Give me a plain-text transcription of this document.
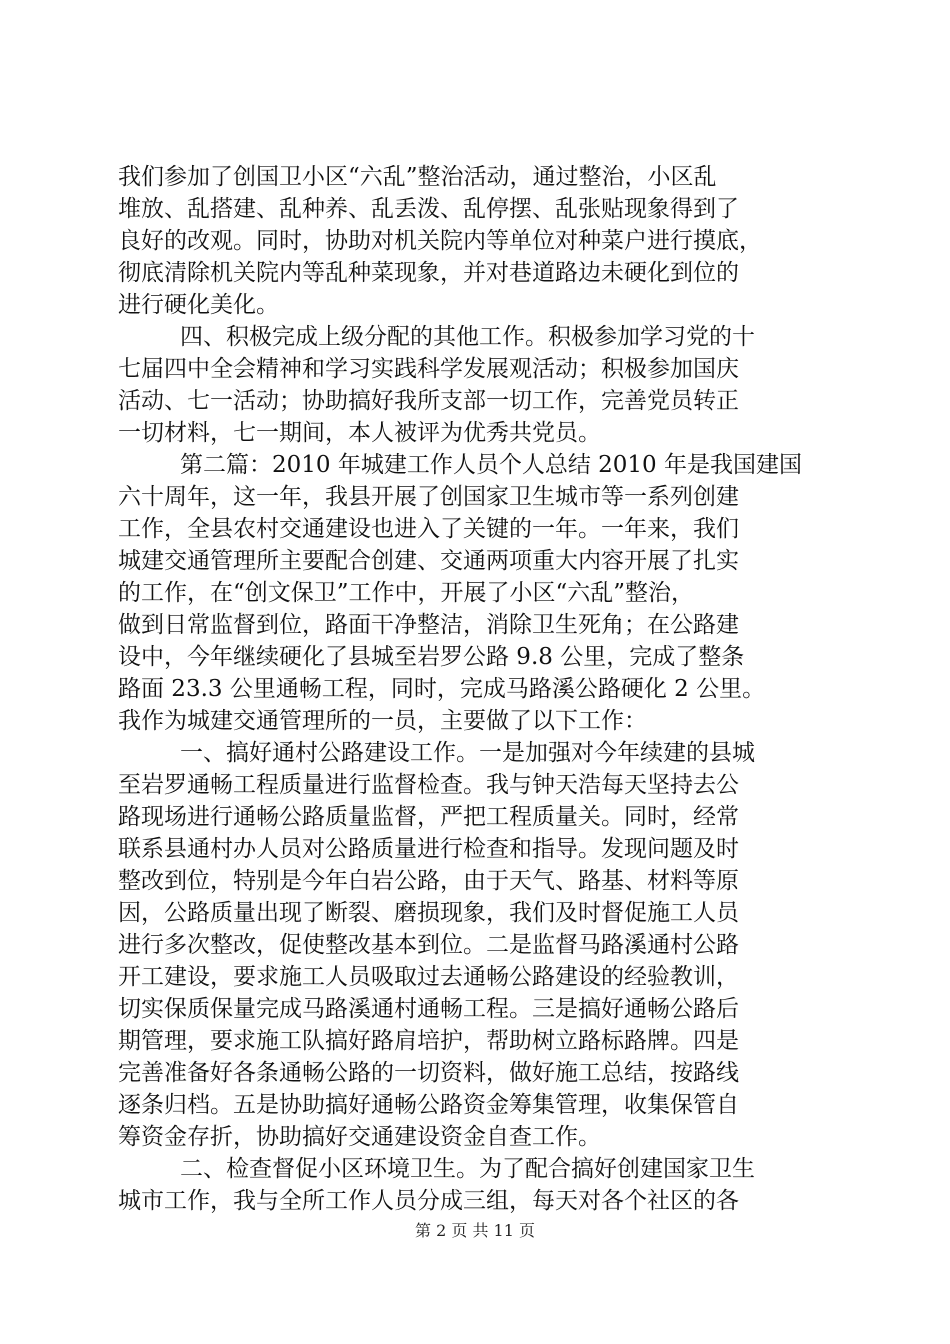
我们参加了创国卫小区“六乱”整治活动，通过整治，小区乱
堆放、乱搭建、乱种养、乱丢泼、乱停摆、乱张贴现象得到了
良好的改观。同时，协助对机关院内等单位对种菜户进行摸底，
彻底清除机关院内等乱种菜现象，并对巷道路边未硬化到位的
进行硬化美化。
四、积极完成上级分配的其他工作。积极参加学习党的十
七届四中全会精神和学习实践科学发展观活动；积极参加国庆
活动、七一活动；协助搞好我所支部一切工作，完善党员转正
一切材料，七一期间，本人被评为优秀共党员。
第二篇：2010 年城建工作人员个人总结 2010 年是我国建国
六十周年，这一年，我县开展了创国家卫生城市等一系列创建
工作，全县农村交通建设也进入了关键的一年。一年来，我们
城建交通管理所主要配合创建、交通两项重大内容开展了扎实
的工作，在“创文保卫”工作中，开展了小区“六乱”整治，
做到日常监督到位，路面干净整洁，消除卫生死角；在公路建
设中，今年继续硬化了县城至岩罗公路 9.8 公里，完成了整条
路面 23.3 公里通畅工程，同时，完成马路溪公路硬化 2 公里。
我作为城建交通管理所的一员，主要做了以下工作：
一、搞好通村公路建设工作。一是加强对今年续建的县城
至岩罗通畅工程质量进行监督检查。我与钟天浩每天坚持去公
路现场进行通畅公路质量监督，严把工程质量关。同时，经常
联系县通村办人员对公路质量进行检查和指导。发现问题及时
整改到位，特别是今年白岩公路，由于天气、路基、材料等原
因，公路质量出现了断裂、磨损现象，我们及时督促施工人员
进行多次整改，促使整改基本到位。二是监督马路溪通村公路
开工建设，要求施工人员吸取过去通畅公路建设的经验教训，
切实保质保量完成马路溪通村通畅工程。三是搞好通畅公路后
期管理，要求施工队搞好路肩培护，帮助树立路标路牌。四是
完善准备好各条通畅公路的一切资料，做好施工总结，按路线
逐条归档。五是协助搞好通畅公路资金筹集管理，收集保管自
筹资金存折，协助搞好交通建设资金自查工作。
二、检查督促小区环境卫生。为了配合搞好创建国家卫生
城市工作，我与全所工作人员分成三组，每天对各个社区的各
第 2 页 共 11 页
